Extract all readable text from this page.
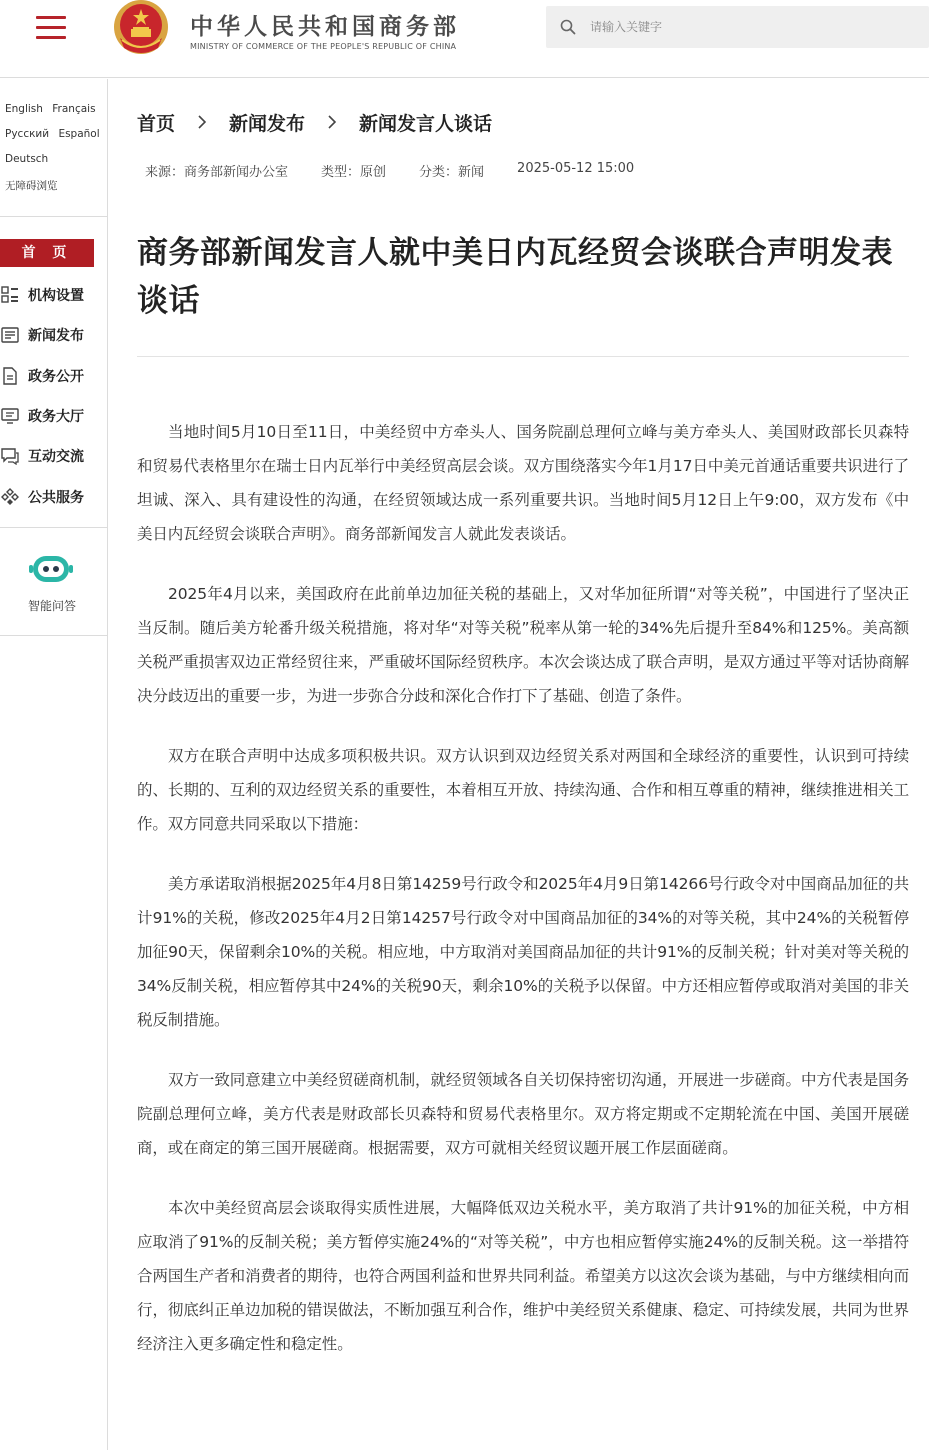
中华人民共和国商务部
MINISTRY OF COMMERCE OF THE PEOPLE'S REPUBLIC OF CHINA
请输入关键字
English Français
Русский Español
Deutsch
无障碍浏览
首 页
机构设置
新闻发布
政务公开
政务大厅
互动交流
公共服务
智能问答
首页	新闻发布	新闻发言人谈话
来源：商务部新闻办公室	类型：原创	分类：新闻	2025-05-12 15:00
商务部新闻发言人就中美日内瓦经贸会谈联合声明发表谈话

当地时间5月10日至11日，中美经贸中方牵头人、国务院副总理何立峰与美方牵头人、美国财政部长贝森特和贸易代表格里尔在瑞士日内瓦举行中美经贸高层会谈。双方围绕落实今年1月17日中美元首通话重要共识进行了坦诚、深入、具有建设性的沟通，在经贸领域达成一系列重要共识。当地时间5月12日上午9:00，双方发布《中美日内瓦经贸会谈联合声明》。商务部新闻发言人就此发表谈话。

2025年4月以来，美国政府在此前单边加征关税的基础上，又对华加征所谓“对等关税”，中国进行了坚决正当反制。随后美方轮番升级关税措施，将对华“对等关税”税率从第一轮的34%先后提升至84%和125%。美高额关税严重损害双边正常经贸往来，严重破坏国际经贸秩序。本次会谈达成了联合声明，是双方通过平等对话协商解决分歧迈出的重要一步，为进一步弥合分歧和深化合作打下了基础、创造了条件。

双方在联合声明中达成多项积极共识。双方认识到双边经贸关系对两国和全球经济的重要性，认识到可持续的、长期的、互利的双边经贸关系的重要性，本着相互开放、持续沟通、合作和相互尊重的精神，继续推进相关工作。双方同意共同采取以下措施：

美方承诺取消根据2025年4月8日第14259号行政令和2025年4月9日第14266号行政令对中国商品加征的共计91%的关税，修改2025年4月2日第14257号行政令对中国商品加征的34%的对等关税，其中24%的关税暂停加征90天，保留剩余10%的关税。相应地，中方取消对美国商品加征的共计91%的反制关税；针对美对等关税的34%反制关税，相应暂停其中24%的关税90天，剩余10%的关税予以保留。中方还相应暂停或取消对美国的非关税反制措施。

双方一致同意建立中美经贸磋商机制，就经贸领域各自关切保持密切沟通，开展进一步磋商。中方代表是国务院副总理何立峰，美方代表是财政部长贝森特和贸易代表格里尔。双方将定期或不定期轮流在中国、美国开展磋商，或在商定的第三国开展磋商。根据需要，双方可就相关经贸议题开展工作层面磋商。

本次中美经贸高层会谈取得实质性进展，大幅降低双边关税水平，美方取消了共计91%的加征关税，中方相应取消了91%的反制关税；美方暂停实施24%的“对等关税”，中方也相应暂停实施24%的反制关税。这一举措符合两国生产者和消费者的期待，也符合两国利益和世界共同利益。希望美方以这次会谈为基础，与中方继续相向而行，彻底纠正单边加税的错误做法，不断加强互利合作，维护中美经贸关系健康、稳定、可持续发展，共同为世界经济注入更多确定性和稳定性。
